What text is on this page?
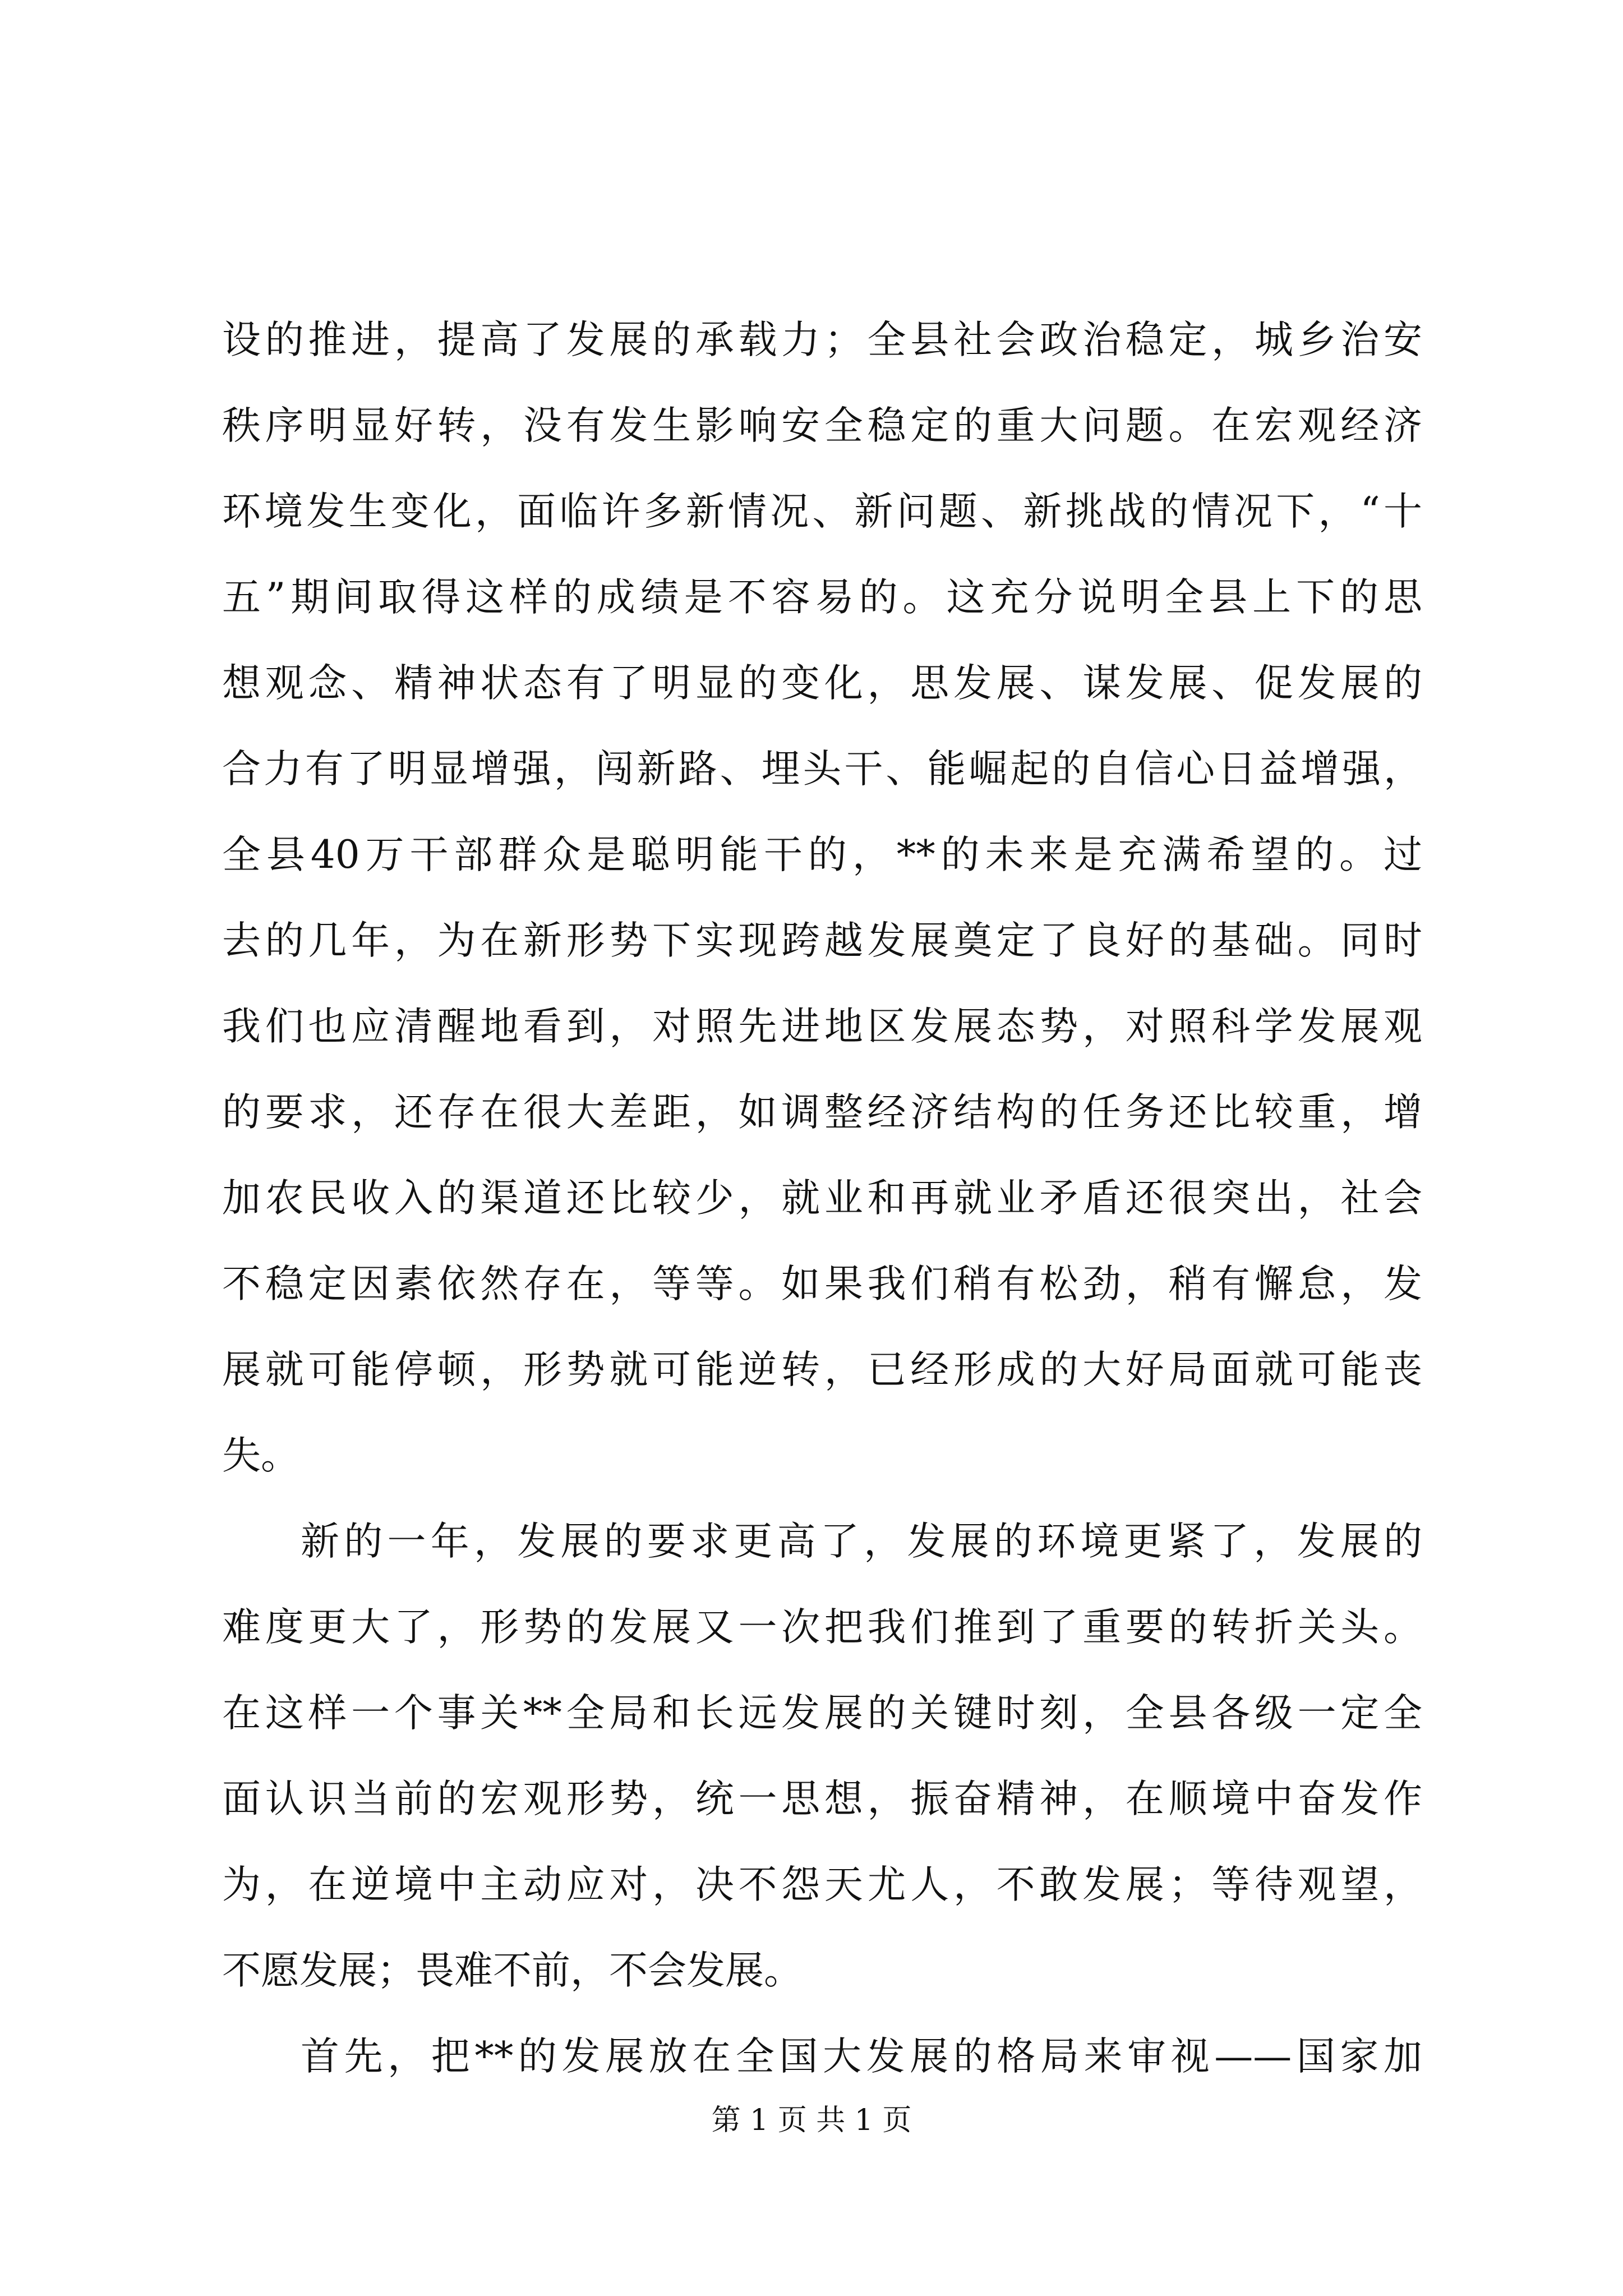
设的推进，提高了发展的承载力；全县社会政治稳定，城乡治安
秩序明显好转，没有发生影响安全稳定的重大问题。在宏观经济
环境发生变化，面临许多新情况、新问题、新挑战的情况下，“十
五”期间取得这样的成绩是不容易的。这充分说明全县上下的思
想观念、精神状态有了明显的变化，思发展、谋发展、促发展的
合力有了明显增强，闯新路、埋头干、能崛起的自信心日益增强，
全县40万干部群众是聪明能干的，**的未来是充满希望的。过
去的几年，为在新形势下实现跨越发展奠定了良好的基础。同时
我们也应清醒地看到，对照先进地区发展态势，对照科学发展观
的要求，还存在很大差距，如调整经济结构的任务还比较重，增
加农民收入的渠道还比较少，就业和再就业矛盾还很突出，社会
不稳定因素依然存在，等等。如果我们稍有松劲，稍有懈怠，发
展就可能停顿，形势就可能逆转，已经形成的大好局面就可能丧
失。
新的一年，发展的要求更高了，发展的环境更紧了，发展的
难度更大了，形势的发展又一次把我们推到了重要的转折关头。
在这样一个事关**全局和长远发展的关键时刻，全县各级一定全
面认识当前的宏观形势，统一思想，振奋精神，在顺境中奋发作
为，在逆境中主动应对，决不怨天尤人，不敢发展；等待观望，
不愿发展；畏难不前，不会发展。
首先，把**的发展放在全国大发展的格局来审视——国家加
第 1 页 共 1 页
